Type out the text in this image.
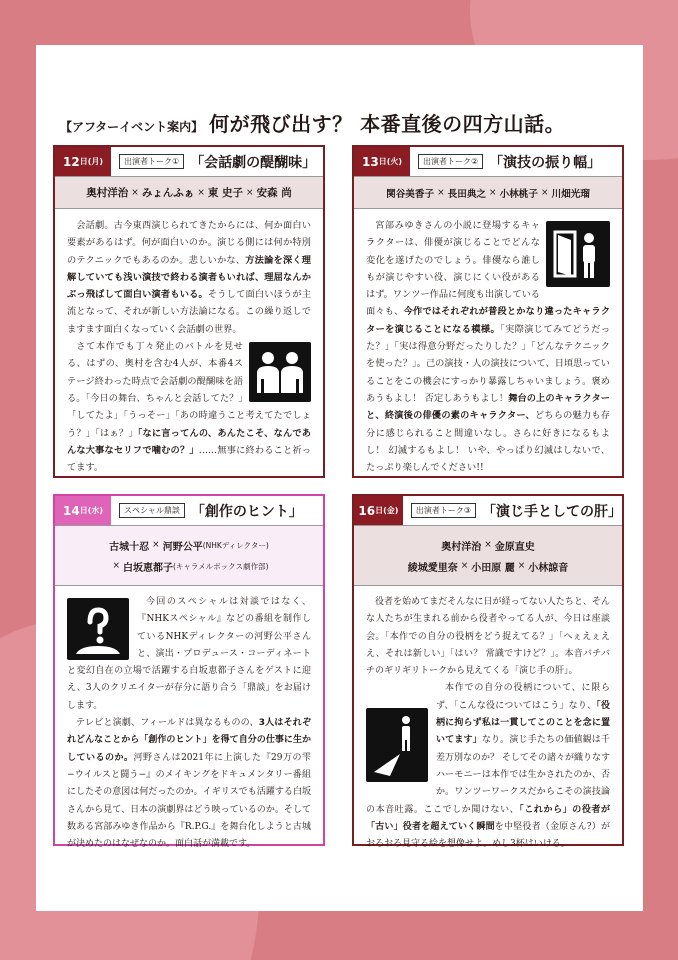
【アフターイベント案内】 何が飛び出す？ 本番直後の四方山話。
12 日 (月)	出演者トーク① 「会話劇の醍醐味」
奥村洋治 × みょんふぁ × 東 史子 × 安森 尚

会話劇。古今東西演じられてきたからには、何か面白い要素があるはず。何が面白いのか。演じる側には何か特別のテクニックでもあるのか。悲しいかな、方法論を深く理解していても浅い演技で終わる演者もいれば、理屈なんかぶっ飛ばして面白い演者もいる。そうして面白いほうが主流となって、それが新しい方法論になる。この繰り返しでますます面白くなっていく会話劇の世界。

さて本作でも丁々発止のバトルを見せる、はずの、奥村を含む4人が、本番4ステージ終わった時点で会話劇の醍醐味を語る。「今日の舞台、ちゃんと会話してた？」「してたよ」「うっそー」「あの時違うこと考えてたでしょう？」「はぁ？」「なに言ってんの、あんたこそ、なんであんな大事なセリフで噛むの？」……無事に終わること祈ってます。

13 日 (火)	出演者トーク② 「演技の振り幅」
関谷美香子 × 長田典之 × 小林桃子 × 川畑光瑠

宮部みゆきさんの小説に登場するキャラクターは、俳優が演じることでどんな変化を遂げたのでしょう。俳優なら誰しもが演じやすい役、演じにくい役があるはず。ワンツー作品に何度も出演している面々も、今作ではそれぞれが普段とかなり違ったキャラクターを演じることになる模様。「実際演じてみてどうだった？」「実は得意分野だったりした？」「どんなテクニックを使った？」。己の演技・人の演技について、日頃思っていることをこの機会にすっかり暴露しちゃいましょう。褒めあうもよし！ 否定しあうもよし！舞台の上のキャラクターと、終演後の俳優の素のキャラクター、どちらの魅力も存分に感じられること間違いなし。さらに好きになるもよし！ 幻滅するもよし！ いや、やっぱり幻滅はしないで、たっぷり楽しんでください!!

14 日 (水)	スペシャル鼎談 「創作のヒント」
古城十忍 × 河野公平 (NHKディレクター)
× 白坂恵都子 (キャラメルボックス劇作部)

今回のスペシャルは対談ではなく、『NHKスペシャル』などの番組を制作しているNHKディレクターの河野公平さんと、演出・プロデュース・コーディネートと変幻自在の立場で活躍する白坂恵都子さんをゲストに迎え、3人のクリエイターが存分に語り合う「鼎談」をお届けします。

テレビと演劇、フィールドは異なるものの、3人はそれぞれどんなことから「創作のヒント」を得て自分の仕事に生かしているのか。河野さんは2021年に上演した『29万の雫−ウイルスと闘う−』のメイキングをドキュメンタリー番組にしたその意図は何だったのか。イギリスでも活躍する白坂さんから見て、日本の演劇界はどう映っているのか。そして数ある宮部みゆき作品から『R.P.G.』を舞台化しようと古城が決めたのはなぜなのか。面白話が満載です。

16 日 (金)	出演者トーク③ 「演じ手としての肝」
奥村洋治 × 金原直史
綾城愛里奈 × 小田原 麗 × 小林諒音

役者を始めてまだそんなに日が経ってない人たちと、そんな人たちが生まれる前から役者やってる人が、今日は座談会。「本作での自分の役柄をどう捉えてる？」「へぇえぇええ、それは新しい」「はい？ 常識ですけど？」。本音バチバチのギリギリトークから見えてくる「演じ手の肝」。

本作での自分の役柄について、に限らず、「こんな役についてはこう」なり、「役柄に拘らず私は一貫してこのことを念に置いてます」なり。演じ手たちの価値観は千差万別なのか？ そしてその諸々が織りなすハーモニーは本作では生かされたのか、否か。ワンツーワークスだからこその演技論の本音吐露。ここでしか聞けない、「これから」の役者が「古い」役者を超えていく瞬間を中堅役者（金原さん?）がおろおろ見守る絵を想像せよ。めし3杯はいける。
